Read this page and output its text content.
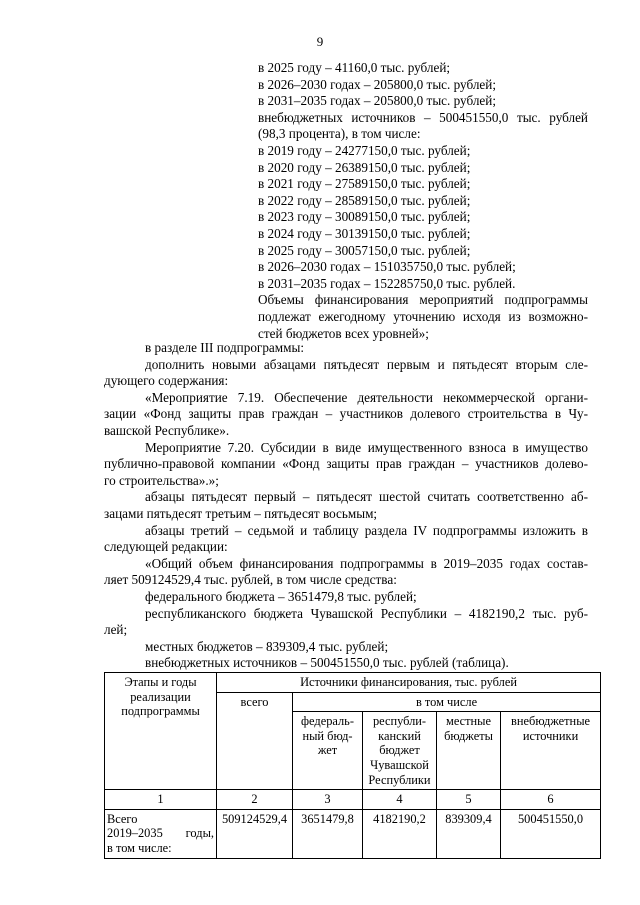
9
в 2025 году – 41160,0 тыс. рублей;
в 2026–2030 годах – 205800,0 тыс. рублей;
в 2031–2035 годах – 205800,0 тыс. рублей;
внебюджетных источников – 500451550,0 тыс. рублей
(98,3 процента), в том числе:
в 2019 году – 24277150,0 тыс. рублей;
в 2020 году – 26389150,0 тыс. рублей;
в 2021 году – 27589150,0 тыс. рублей;
в 2022 году – 28589150,0 тыс. рублей;
в 2023 году – 30089150,0 тыс. рублей;
в 2024 году – 30139150,0 тыс. рублей;
в 2025 году – 30057150,0 тыс. рублей;
в 2026–2030 годах – 151035750,0 тыс. рублей;
в 2031–2035 годах – 152285750,0 тыс. рублей.
Объемы финансирования мероприятий подпрограммы
подлежат ежегодному уточнению исходя из возможно-
стей бюджетов всех уровней»;
в разделе III подпрограммы:
дополнить новыми абзацами пятьдесят первым и пятьдесят вторым сле-
дующего содержания:
«Мероприятие 7.19. Обеспечение деятельности некоммерческой органи-
зации «Фонд защиты прав граждан – участников долевого строительства в Чу-
вашской Республике».
Мероприятие 7.20. Субсидии в виде имущественного взноса в имущество
публично-правовой компании «Фонд защиты прав граждан – участников долево-
го строительства».»;
абзацы пятьдесят первый – пятьдесят шестой считать соответственно аб-
зацами пятьдесят третьим – пятьдесят восьмым;
абзацы третий – седьмой и таблицу раздела IV подпрограммы изложить в
следующей редакции:
«Общий объем финансирования подпрограммы в 2019–2035 годах состав-
ляет 509124529,4 тыс. рублей, в том числе средства:
федерального бюджета – 3651479,8 тыс. рублей;
республиканского бюджета Чувашской Республики – 4182190,2 тыс. руб-
лей;
местных бюджетов – 839309,4 тыс. рублей;
внебюджетных источников – 500451550,0 тыс. рублей (таблица).
Этапы и годы реализации подпрограммы	Источники финансирования, тыс. рублей				
	всего	в том числе			
		федераль-ный бюд-жет	республи-канский бюджет Чувашской Республики	местные бюджеты	внебюджетные источники
1	2	3	4	5	6

Всего
2019–2035 годы,
в том числе:	509124529,4	3651479,8	4182190,2	839309,4	500451550,0
